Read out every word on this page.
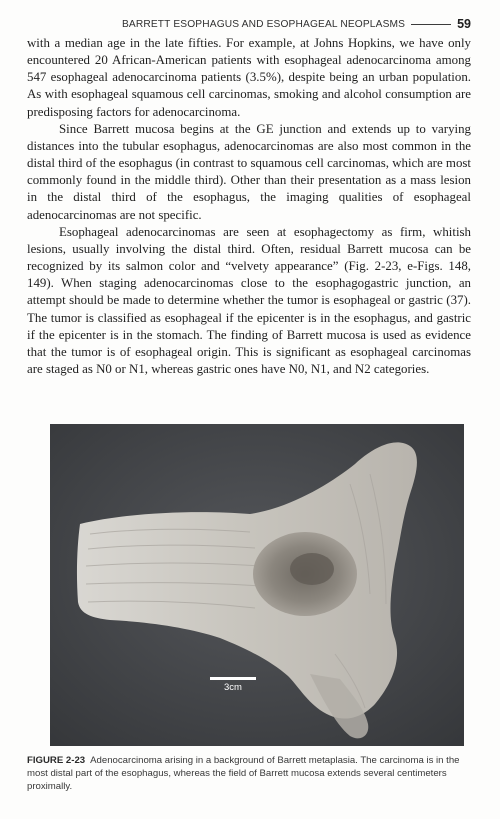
BARRETT ESOPHAGUS AND ESOPHAGEAL NEOPLASMS	59

with a median age in the late fifties. For example, at Johns Hopkins, we have only encountered 20 African-American patients with esophageal adenocarcinoma among 547 esophageal adenocarcinoma patients (3.5%), despite being an urban population. As with esophageal squamous cell carcinomas, smoking and alcohol consumption are predisposing factors for adenocarcinoma.

Since Barrett mucosa begins at the GE junction and extends up to varying distances into the tubular esophagus, adenocarcinomas are also most common in the distal third of the esophagus (in contrast to squamous cell carcinomas, which are most commonly found in the middle third). Other than their presentation as a mass lesion in the distal third of the esophagus, the imaging qualities of esophageal adenocarcinomas are not specific.

Esophageal adenocarcinomas are seen at esophagectomy as firm, whitish lesions, usually involving the distal third. Often, residual Barrett mucosa can be recognized by its salmon color and “velvety appearance” (Fig. 2-23, e-Figs. 148, 149). When staging adenocarcinomas close to the esophagogastric junction, an attempt should be made to determine whether the tumor is esophageal or gastric (37). The tumor is classified as esophageal if the epicenter is in the esophagus, and gastric if the epicenter is in the stomach. The finding of Barrett mucosa is used as evidence that the tumor is of esophageal origin. This is significant as esophageal carcinomas are staged as N0 or N1, whereas gastric ones have N0, N1, and N2 categories.

3cm
FIGURE 2-23 Adenocarcinoma arising in a background of Barrett metaplasia. The carcinoma is in the most distal part of the esophagus, whereas the field of Barrett mucosa extends several centimeters proximally.
